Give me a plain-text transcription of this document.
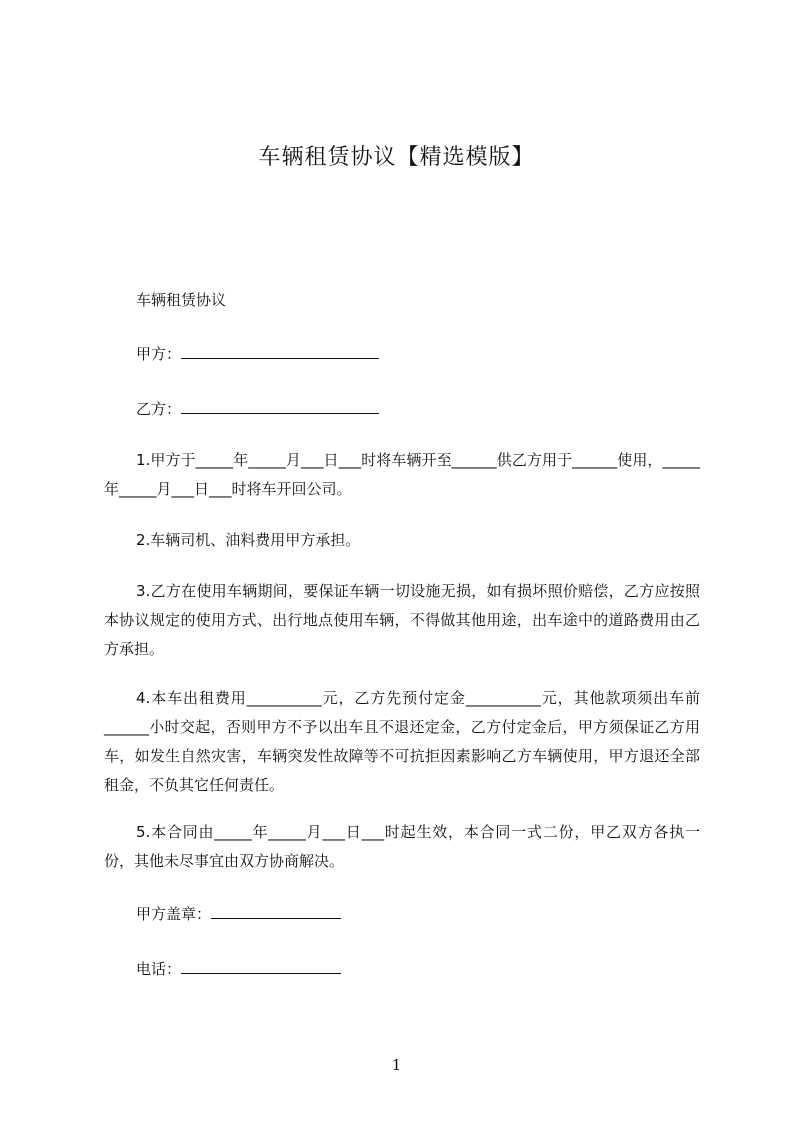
车辆租赁协议【精选模版】

车辆租赁协议

甲方：
乙方：

1.甲方于_____年_____月___日___时将车辆开至______供乙方用于______使用，_____年_____月___日___时将车开回公司。

2.车辆司机、油料费用甲方承担。

3.乙方在使用车辆期间，要保证车辆一切设施无损，如有损坏照价赔偿，乙方应按照本协议规定的使用方式、出行地点使用车辆，不得做其他用途，出车途中的道路费用由乙方承担。

4.本车出租费用__________元，乙方先预付定金__________元，其他款项须出车前______小时交起，否则甲方不予以出车且不退还定金，乙方付定金后，甲方须保证乙方用车，如发生自然灾害，车辆突发性故障等不可抗拒因素影响乙方车辆使用，甲方退还全部租金，不负其它任何责任。

5.本合同由_____年_____月___日___时起生效，本合同一式二份，甲乙双方各执一份，其他未尽事宜由双方协商解决。

甲方盖章：
电话：
1
